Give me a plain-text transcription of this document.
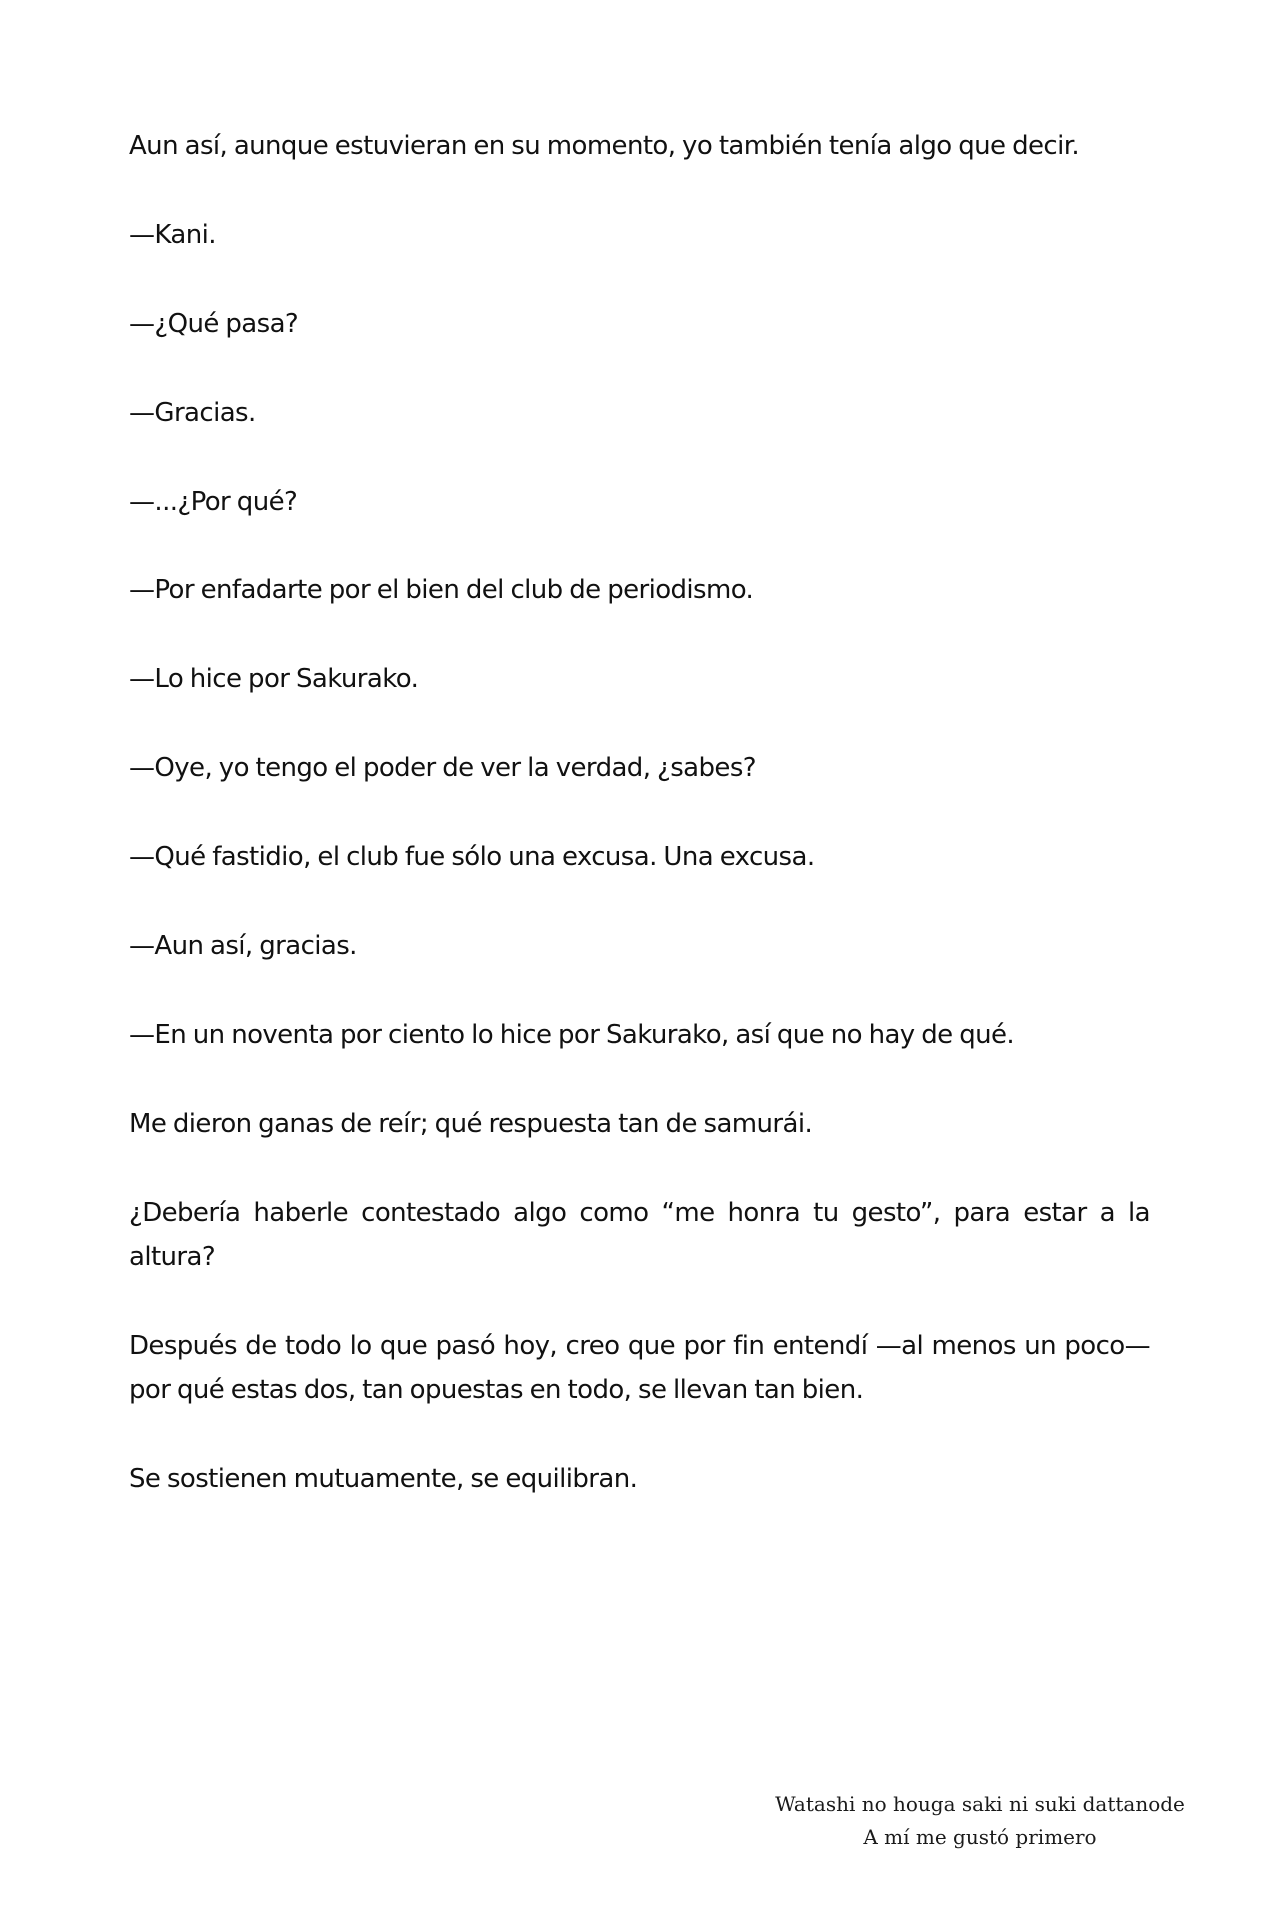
Aun así, aunque estuvieran en su momento, yo también tenía algo que decir.

—Kani.

—¿Qué pasa?

—Gracias.

—...¿Por qué?

—Por enfadarte por el bien del club de periodismo.

—Lo hice por Sakurako.

—Oye, yo tengo el poder de ver la verdad, ¿sabes?

—Qué fastidio, el club fue sólo una excusa. Una excusa.

—Aun así, gracias.

—En un noventa por ciento lo hice por Sakurako, así que no hay de qué.

Me dieron ganas de reír; qué respuesta tan de samurái.

¿Debería haberle contestado algo como “me honra tu gesto”, para estar a la altura?

Después de todo lo que pasó hoy, creo que por fin entendí —al menos un poco— por qué estas dos, tan opuestas en todo, se llevan tan bien.

Se sostienen mutuamente, se equilibran.

Watashi no houga saki ni suki dattanode
A mí me gustó primero
